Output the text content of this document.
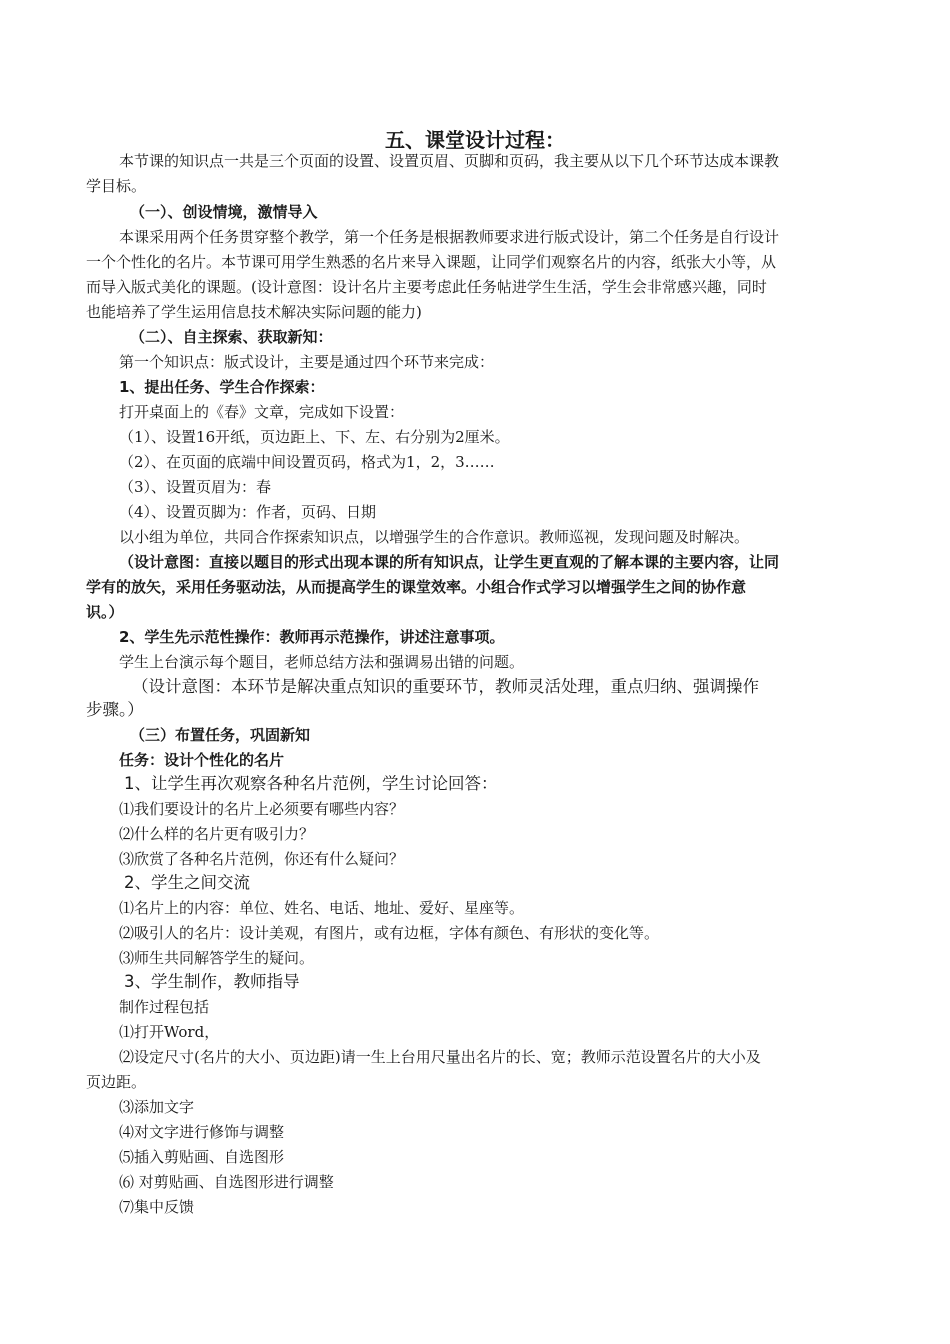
五、课堂设计过程：
本节课的知识点一共是三个页面的设置、设置页眉、页脚和页码，我主要从以下几个环节达成本课教
学目标。
（一）、创设情境，激情导入
本课采用两个任务贯穿整个教学，第一个任务是根据教师要求进行版式设计，第二个任务是自行设计
一个个性化的名片。本节课可用学生熟悉的名片来导入课题，让同学们观察名片的内容，纸张大小等，从
而导入版式美化的课题。(设计意图：设计名片主要考虑此任务帖进学生生活，学生会非常感兴趣，同时
也能培养了学生运用信息技术解决实际问题的能力)
（二）、自主探索、获取新知：
第一个知识点：版式设计，主要是通过四个环节来完成：
1、提出任务、学生合作探索：
打开桌面上的《春》文章，完成如下设置：
（1）、设置16开纸，页边距上、下、左、右分别为2厘米。
（2）、在页面的底端中间设置页码，格式为1，2，3……
（3）、设置页眉为：春
（4）、设置页脚为：作者，页码、日期
以小组为单位，共同合作探索知识点，以增强学生的合作意识。教师巡视，发现问题及时解决。
（设计意图：直接以题目的形式出现本课的所有知识点，让学生更直观的了解本课的主要内容，让同
学有的放矢，采用任务驱动法，从而提高学生的课堂效率。小组合作式学习以增强学生之间的协作意
识。）
2、学生先示范性操作：教师再示范操作，讲述注意事项。
学生上台演示每个题目，老师总结方法和强调易出错的问题。
（设计意图：本环节是解决重点知识的重要环节，教师灵活处理，重点归纳、强调操作
步骤。）
（三）布置任务，巩固新知
任务：设计个性化的名片
1、让学生再次观察各种名片范例，学生讨论回答：
⑴我们要设计的名片上必须要有哪些内容？
⑵什么样的名片更有吸引力？
⑶欣赏了各种名片范例，你还有什么疑问？
2、学生之间交流
⑴名片上的内容：单位、姓名、电话、地址、爱好、星座等。
⑵吸引人的名片：设计美观，有图片，或有边框，字体有颜色、有形状的变化等。
⑶师生共同解答学生的疑问。
3、学生制作，教师指导
制作过程包括
⑴打开Word，
⑵设定尺寸(名片的大小、页边距)请一生上台用尺量出名片的长、宽；教师示范设置名片的大小及
页边距。
⑶添加文字
⑷对文字进行修饰与调整
⑸插入剪贴画、自选图形
⑹ 对剪贴画、自选图形进行调整
⑺集中反馈
